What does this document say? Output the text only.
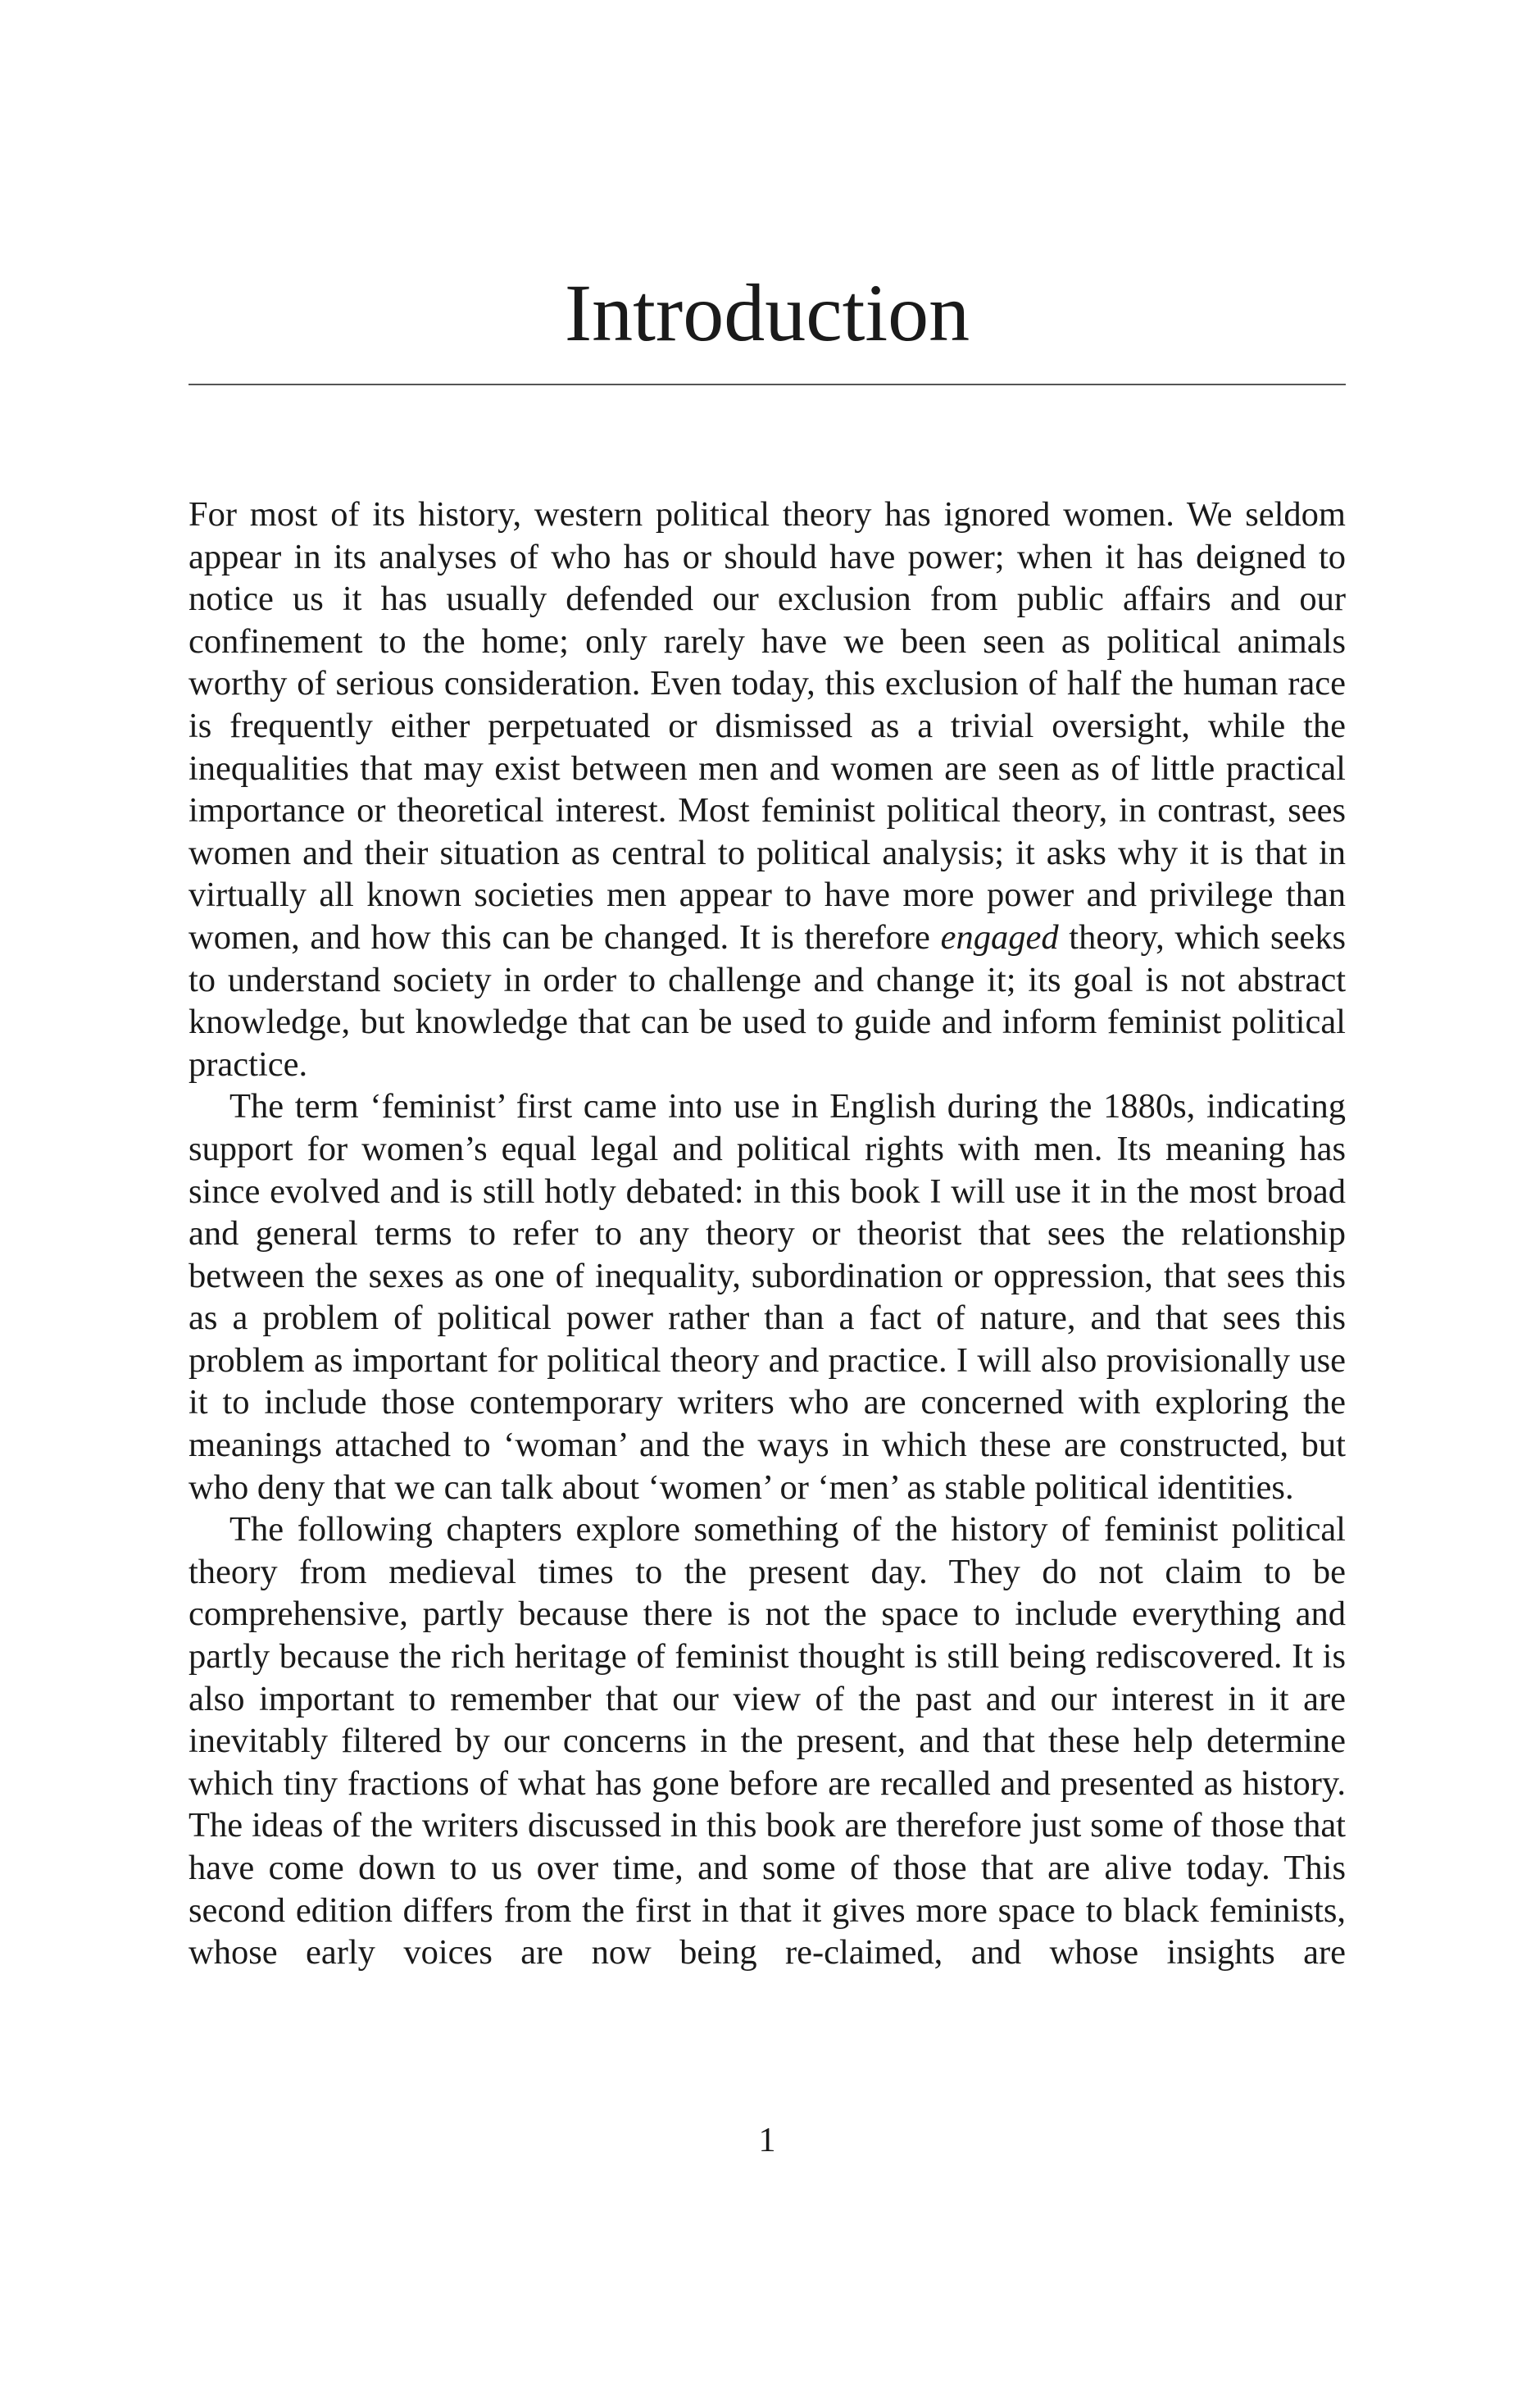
Introduction

For most of its history, western political theory has ignored women. We seldom appear in its analyses of who has or should have power; when it has deigned to notice us it has usually defended our exclusion from public affairs and our confinement to the home; only rarely have we been seen as political animals worthy of serious consideration. Even today, this exclusion of half the human race is frequently either perpetuated or dismissed as a trivial oversight, while the inequalities that may exist between men and women are seen as of little practical importance or theoretical interest. Most feminist political theory, in contrast, sees women and their situation as central to political analysis; it asks why it is that in virtually all known societies men appear to have more power and privilege than women, and how this can be changed. It is therefore engaged theory, which seeks to understand society in order to challenge and change it; its goal is not abstract knowledge, but knowledge that can be used to guide and inform feminist political practice.

The term ‘feminist’ first came into use in English during the 1880s, indicating support for women’s equal legal and political rights with men. Its meaning has since evolved and is still hotly debated: in this book I will use it in the most broad and general terms to refer to any theory or theorist that sees the relationship between the sexes as one of inequality, subordination or oppression, that sees this as a problem of political power rather than a fact of nature, and that sees this problem as important for political theory and practice. I will also provisionally use it to include those contemporary writers who are concerned with exploring the meanings attached to ‘woman’ and the ways in which these are constructed, but who deny that we can talk about ‘women’ or ‘men’ as stable political identities.

The following chapters explore something of the history of feminist political theory from medieval times to the present day. They do not claim to be comprehensive, partly because there is not the space to include everything and partly because the rich heritage of feminist thought is still being rediscovered. It is also important to remember that our view of the past and our interest in it are inevitably filtered by our concerns in the present, and that these help determine which tiny fractions of what has gone before are recalled and presented as history. The ideas of the writers discussed in this book are therefore just some of those that have come down to us over time, and some of those that are alive today. This second edition differs from the first in that it gives more space to black feminists, whose early voices are now being re-claimed, and whose insights are

1
